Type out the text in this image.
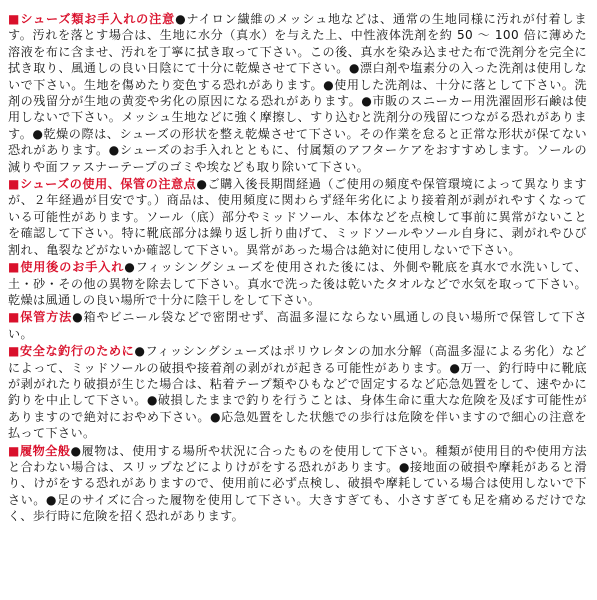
■シューズ類お手入れの注意●ナイロン繊維のメッシュ地などは、通常の生地同様に汚れが付着します。汚れを落とす場合は、生地に水分（真水）を与えた上、中性液体洗剤を約 50 〜 100 倍に薄めた溶液を布に含ませ、汚れを丁寧に拭き取って下さい。この後、真水を染み込ませた布で洗剤分を完全に拭き取り、風通しの良い日陰にて十分に乾燥させて下さい。●漂白剤や塩素分の入った洗剤は使用しないで下さい。生地を傷めたり変色する恐れがあります。●使用した洗剤は、十分に落として下さい。洗剤の残留分が生地の黄変や劣化の原因になる恐れがあります。●市販のスニーカー用洗濯固形石鹸は使用しないで下さい。メッシュ生地などに強く摩擦し、すり込むと洗剤分の残留につながる恐れがあります。●乾燥の際は、シューズの形状を整え乾燥させて下さい。その作業を怠ると正常な形状が保てない恐れがあります。●シューズのお手入れとともに、付属類のアフターケアをおすすめします。ソールの減りや面ファスナーテープのゴミや埃なども取り除いて下さい。

■シューズの使用、保管の注意点●ご購入後長期間経過（ご使用の頻度や保管環境によって異なりますが、２年経過が目安です。）商品は、使用頻度に関わらず経年劣化により接着剤が剥がれやすくなっている可能性があります。ソール（底）部分やミッドソール、本体などを点検して事前に異常がないことを確認して下さい。特に靴底部分は繰り返し折り曲げて、ミッドソールやソール自身に、剥がれやひび割れ、亀裂などがないか確認して下さい。異常があった場合は絶対に使用しないで下さい。

■使用後のお手入れ●フィッシングシューズを使用された後には、外側や靴底を真水で水洗いして、土・砂・その他の異物を除去して下さい。真水で洗った後は乾いたタオルなどで水気を取って下さい。乾燥は風通しの良い場所で十分に陰干しをして下さい。

■保管方法●箱やビニール袋などで密閉せず、高温多湿にならない風通しの良い場所で保管して下さい。

■安全な釣行のために●フィッシングシューズはポリウレタンの加水分解（高温多湿による劣化）などによって、ミッドソールの破損や接着剤の剥がれが起きる可能性があります。●万一、釣行時中に靴底が剥がれたり破損が生じた場合は、粘着テープ類やひもなどで固定するなど応急処置をして、速やかに釣りを中止して下さい。●破損したままで釣りを行うことは、身体生命に重大な危険を及ぼす可能性がありますので絶対におやめ下さい。●応急処置をした状態での歩行は危険を伴いますので細心の注意を払って下さい。

■履物全般●履物は、使用する場所や状況に合ったものを使用して下さい。種類が使用目的や使用方法と合わない場合は、スリップなどによりけがをする恐れがあります。●接地面の破損や摩耗があると滑り、けがをする恐れがありますので、使用前に必ず点検し、破損や摩耗している場合は使用しないで下さい。●足のサイズに合った履物を使用して下さい。大きすぎても、小さすぎても足を痛めるだけでなく、歩行時に危険を招く恐れがあります。
